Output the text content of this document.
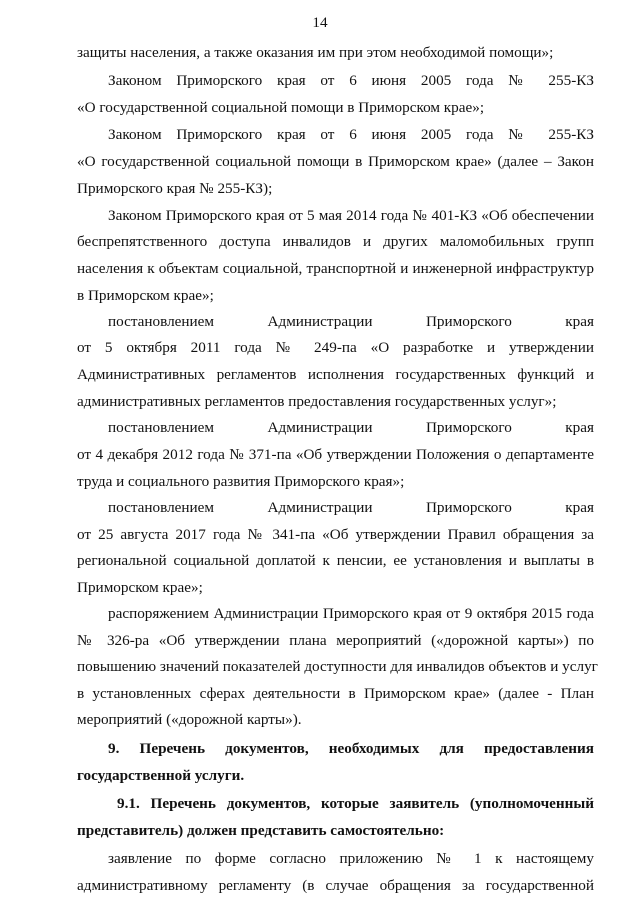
14
защиты населения, а также оказания им при этом необходимой помощи»;
Законом Приморского края от 6 июня 2005 года № 255-КЗ
«О государственной социальной помощи в Приморском крае»;
Законом Приморского края от 6 июня 2005 года № 255-КЗ
«О государственной социальной помощи в Приморском крае» (далее – Закон
Приморского края № 255-КЗ);
Законом Приморского края от 5 мая 2014 года № 401-КЗ «Об обеспечении
беспрепятственного доступа инвалидов и других маломобильных групп
населения к объектам социальной, транспортной и инженерной инфраструктур
в Приморском крае»;
постановлением Администрации Приморского края
от 5 октября 2011 года № 249-па «О разработке и утверждении
Административных регламентов исполнения государственных функций и
административных регламентов предоставления государственных услуг»;
постановлением Администрации Приморского края
от 4 декабря 2012 года № 371-па «Об утверждении Положения о департаменте
труда и социального развития Приморского края»;
постановлением Администрации Приморского края
от 25 августа 2017 года № 341-па «Об утверждении Правил обращения за
региональной социальной доплатой к пенсии, ее установления и выплаты в
Приморском крае»;
распоряжением Администрации Приморского края от 9 октября 2015 года
№ 326-ра «Об утверждении плана мероприятий («дорожной карты») по
повышению значений показателей доступности для инвалидов объектов и услуг
в установленных сферах деятельности в Приморском крае» (далее - План
мероприятий («дорожной карты»).
9. Перечень документов, необходимых для предоставления
государственной услуги.
9.1. Перечень документов, которые заявитель (уполномоченный
представитель) должен представить самостоятельно:
заявление по форме согласно приложению № 1 к настоящему
административному регламенту (в случае обращения за государственной
